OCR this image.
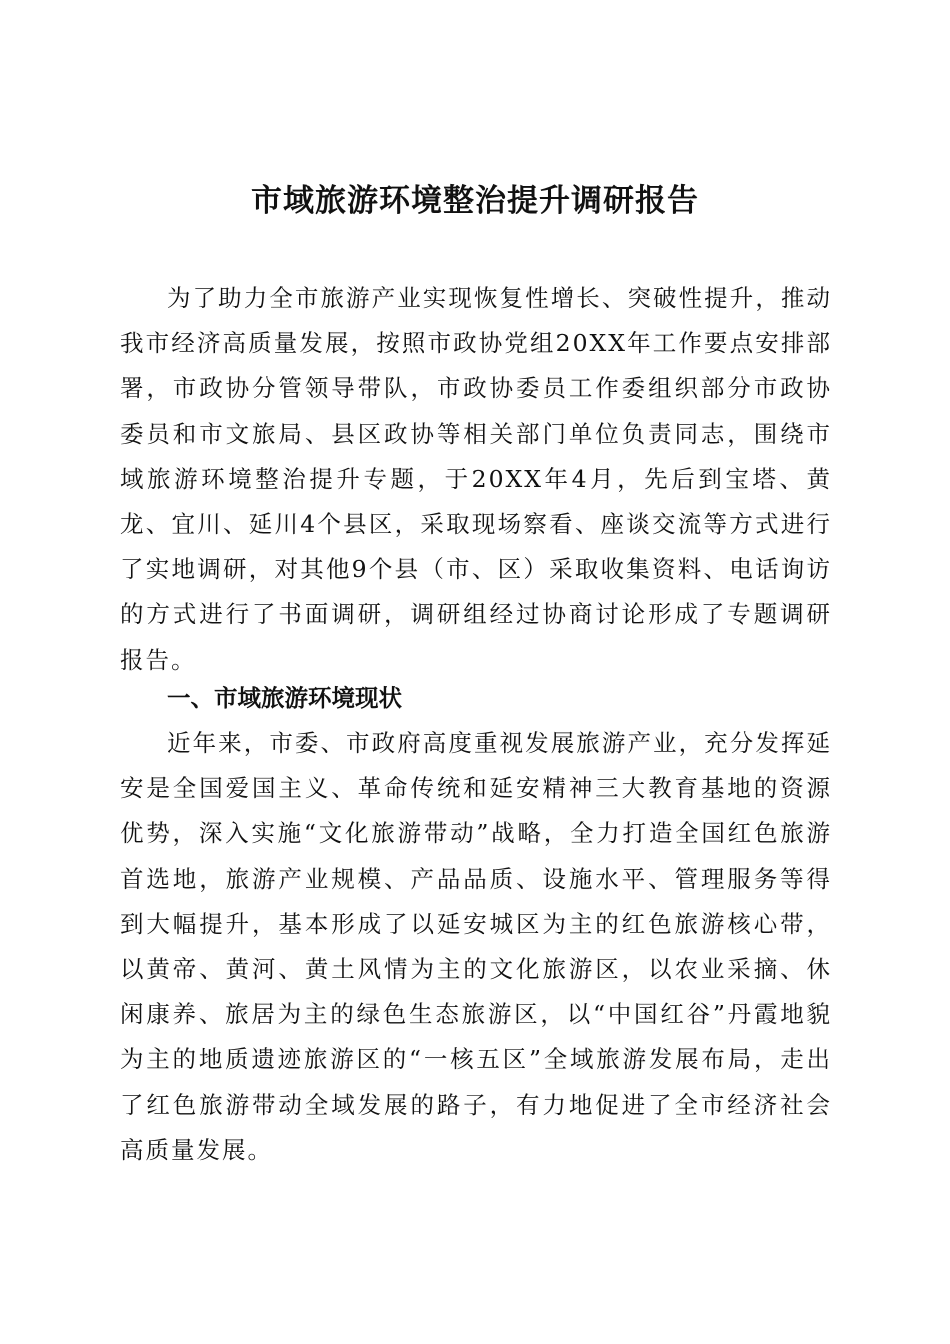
市域旅游环境整治提升调研报告

为了助力全市旅游产业实现恢复性增长、突破性提升，推动我市经济高质量发展，按照市政协党组20XX年工作要点安排部署，市政协分管领导带队，市政协委员工作委组织部分市政协委员和市文旅局、县区政协等相关部门单位负责同志，围绕市域旅游环境整治提升专题，于20XX年4月，先后到宝塔、黄龙、宜川、延川4个县区，采取现场察看、座谈交流等方式进行了实地调研，对其他9个县（市、区）采取收集资料、电话询访的方式进行了书面调研，调研组经过协商讨论形成了专题调研报告。

一、市域旅游环境现状

近年来，市委、市政府高度重视发展旅游产业，充分发挥延安是全国爱国主义、革命传统和延安精神三大教育基地的资源优势，深入实施“文化旅游带动”战略，全力打造全国红色旅游首选地，旅游产业规模、产品品质、设施水平、管理服务等得到大幅提升，基本形成了以延安城区为主的红色旅游核心带，以黄帝、黄河、黄土风情为主的文化旅游区，以农业采摘、休闲康养、旅居为主的绿色生态旅游区，以“中国红谷”丹霞地貌为主的地质遗迹旅游区的“一核五区”全域旅游发展布局，走出了红色旅游带动全域发展的路子，有力地促进了全市经济社会高质量发展。
